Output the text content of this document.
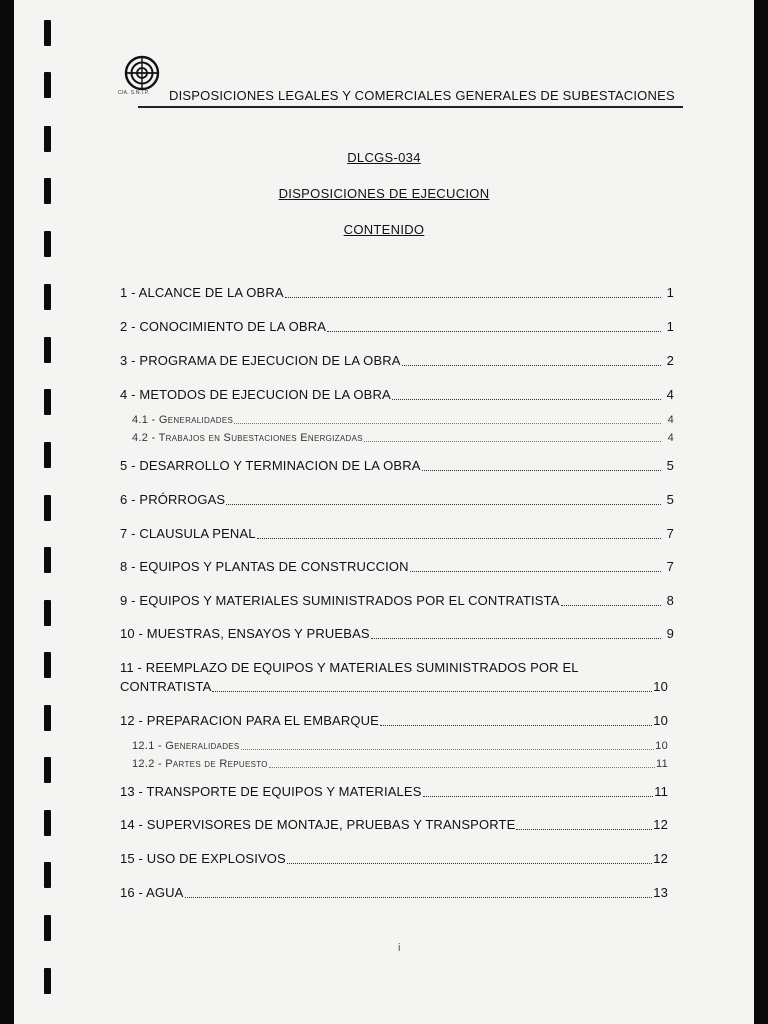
CIA. S.N.I.P. DISPOSICIONES LEGALES Y COMERCIALES GENERALES DE SUBESTACIONES
DLCGS-034
DISPOSICIONES DE EJECUCION
CONTENIDO
1 - ALCANCE DE LA OBRA	1
2 - CONOCIMIENTO DE LA OBRA	1
3 - PROGRAMA DE EJECUCION DE LA OBRA	2
4 - METODOS DE EJECUCION DE LA OBRA	4
4.1 - Generalidades	4
4.2 - Trabajos en Subestaciones Energizadas	4
5 - DESARROLLO Y TERMINACION DE LA OBRA	5
6 - PRÓRROGAS	5
7 - CLAUSULA PENAL	7
8 - EQUIPOS Y PLANTAS DE CONSTRUCCION	7
9 - EQUIPOS Y MATERIALES SUMINISTRADOS POR EL CONTRATISTA	8
10 - MUESTRAS, ENSAYOS Y PRUEBAS	9
11 - REEMPLAZO DE EQUIPOS Y MATERIALES SUMINISTRADOS POR EL
CONTRATISTA	10
12 - PREPARACION PARA EL EMBARQUE	10
12.1 - Generalidades	10
12.2 - Partes de Repuesto	11
13 - TRANSPORTE DE EQUIPOS Y MATERIALES	11
14 - SUPERVISORES DE MONTAJE, PRUEBAS Y TRANSPORTE	12
15 - USO DE EXPLOSIVOS	12
16 - AGUA	13
i
